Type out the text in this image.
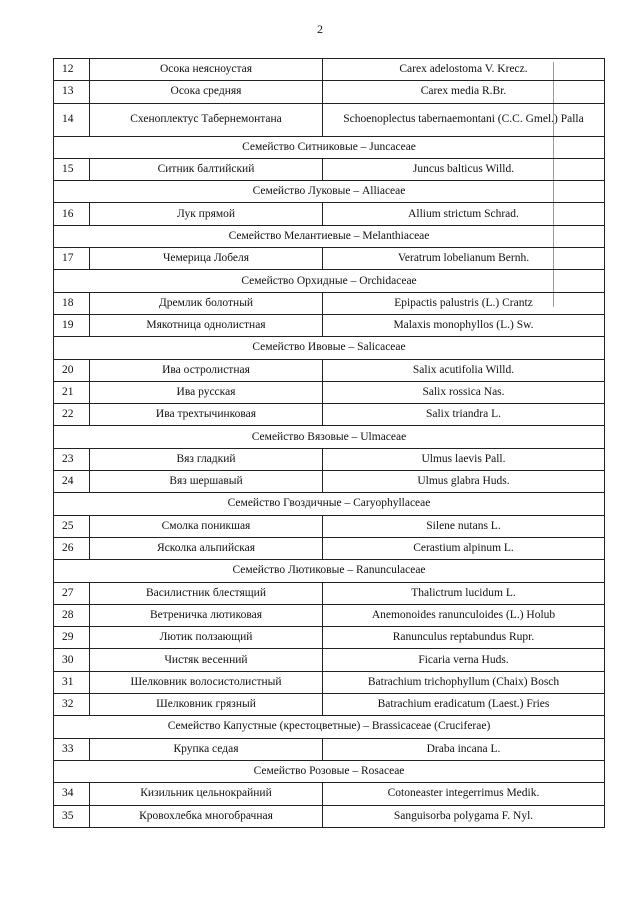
2
12	Осока неясноустая	Carex adelostoma V. Krecz.
13	Осока средняя	Carex media R.Br.
14	Схеноплектус Табернемонтана	Schoenoplectus tabernaemontani (C.C. Gmel.) Palla
Семейство Ситниковые – Juncaceae		
15	Ситник балтийский	Juncus balticus Willd.
Семейство Луковые – Alliaceae		
16	Лук прямой	Allium strictum Schrad.
Семейство Мелантиевые – Melanthiaceae		
17	Чемерица Лобеля	Veratrum lobelianum Bernh.
Семейство Орхидные – Orchidaceae		
18	Дремлик болотный	Epipactis palustris (L.) Crantz
19	Мякотница однолистная	Malaxis monophyllos (L.) Sw.
Семейство Ивовые – Salicaceae		
20	Ива остролистная	Salix acutifolia Willd.
21	Ива русская	Salix rossica Nas.
22	Ива трехтычинковая	Salix triandra L.
Семейство Вязовые – Ulmaceae		
23	Вяз гладкий	Ulmus laevis Pall.
24	Вяз шершавый	Ulmus glabra Huds.
Семейство Гвоздичные – Caryophyllaceae		
25	Смолка поникшая	Silene nutans L.
26	Ясколка альпийская	Cerastium alpinum L.
Семейство Лютиковые – Ranunculaceae		
27	Василистник блестящий	Thalictrum lucidum L.
28	Ветреничка лютиковая	Anemonoides ranunculoides (L.) Holub
29	Лютик ползающий	Ranunculus reptabundus Rupr.
30	Чистяк весенний	Ficaria verna Huds.
31	Шелковник волосистолистный	Batrachium trichophyllum (Chaix) Bosch
32	Шелковник грязный	Batrachium eradicatum (Laest.) Fries
Семейство Капустные (крестоцветные) – Brassicaceae (Cruciferae)		
33	Крупка седая	Draba incana L.
Семейство Розовые – Rosaceae		
34	Кизильник цельнокрайний	Cotoneaster integerrimus Medik.
35	Кровохлебка многобрачная	Sanguisorba polygama F. Nyl.
